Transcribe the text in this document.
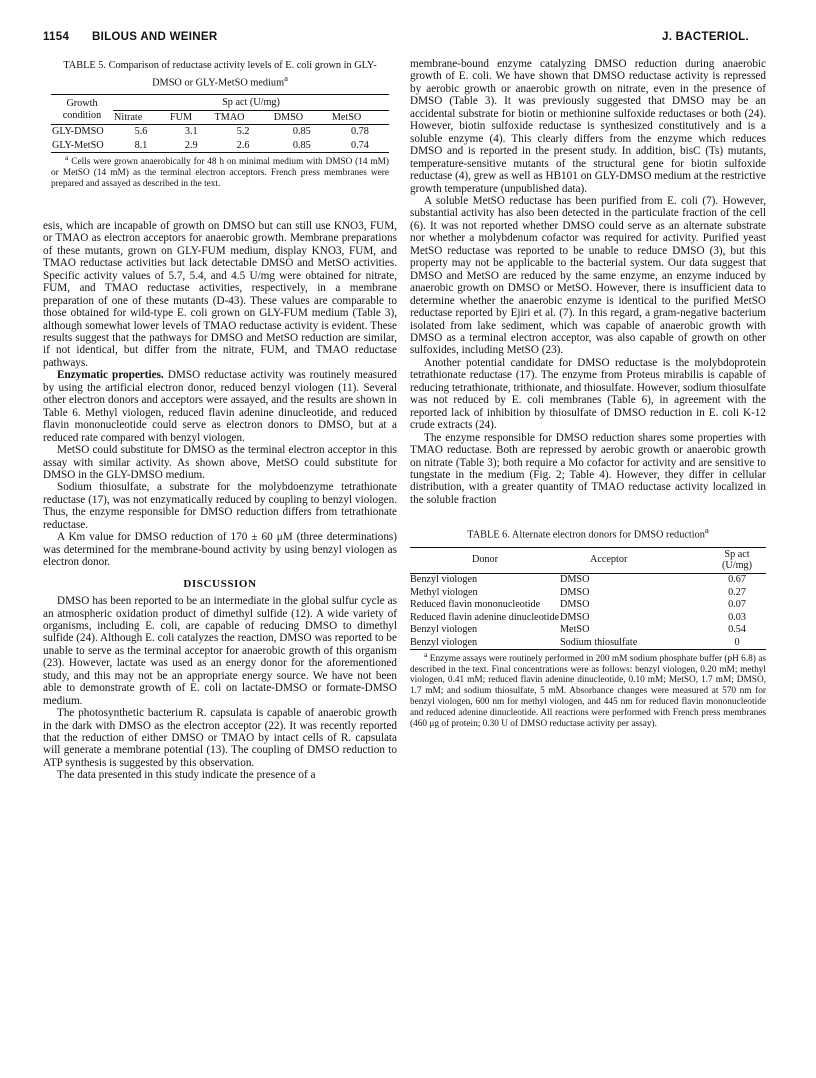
1154 BILOUS AND WEINER	J. BACTERIOL.
TABLE 5. Comparison of reductase activity levels of E. coli grown in GLY-DMSO or GLY-MetSO medium$^a$
Growth condition	Sp act (U/mg)				
	Nitrate	FUM	TMAO	DMSO	MetSO
GLY-DMSO	5.6	3.1	5.2	0.85	0.78
GLY-MetSO	8.1	2.9	2.6	0.85	0.74

$^a$ Cells were grown anaerobically for 48 h on minimal medium with DMSO (14 mM) or MetSO (14 mM) as the terminal electron acceptors. French press membranes were prepared and assayed as described in the text.

esis, which are incapable of growth on DMSO but can still use KNO3, FUM, or TMAO as electron acceptors for anaerobic growth. Membrane preparations of these mutants, grown on GLY-FUM medium, display KNO3, FUM, and TMAO reductase activities but lack detectable DMSO and MetSO activities. Specific activity values of 5.7, 5.4, and 4.5 U/mg were obtained for nitrate, FUM, and TMAO reductase activities, respectively, in a membrane preparation of one of these mutants (D-43). These values are comparable to those obtained for wild-type E. coli grown on GLY-FUM medium (Table 3), although somewhat lower levels of TMAO reductase activity is evident. These results suggest that the pathways for DMSO and MetSO reduction are similar, if not identical, but differ from the nitrate, FUM, and TMAO reductase pathways.

Enzymatic properties. DMSO reductase activity was routinely measured by using the artificial electron donor, reduced benzyl viologen (11). Several other electron donors and acceptors were assayed, and the results are shown in Table 6. Methyl viologen, reduced flavin adenine dinucleotide, and reduced flavin mononucleotide could serve as electron donors to DMSO, but at a reduced rate compared with benzyl viologen.

MetSO could substitute for DMSO as the terminal electron acceptor in this assay with similar activity. As shown above, MetSO could substitute for DMSO in the GLY-DMSO medium.

Sodium thiosulfate, a substrate for the molybdoenzyme tetrathionate reductase (17), was not enzymatically reduced by coupling to benzyl viologen. Thus, the enzyme responsible for DMSO reduction differs from tetrathionate reductase.

A Km value for DMSO reduction of 170 ± 60 μM (three determinations) was determined for the membrane-bound activity by using benzyl viologen as electron donor.

DISCUSSION

DMSO has been reported to be an intermediate in the global sulfur cycle as an atmospheric oxidation product of dimethyl sulfide (12). A wide variety of organisms, including E. coli, are capable of reducing DMSO to dimethyl sulfide (24). Although E. coli catalyzes the reaction, DMSO was reported to be unable to serve as the terminal acceptor for anaerobic growth of this organism (23). However, lactate was used as an energy donor for the aforementioned study, and this may not be an appropriate energy source. We have not been able to demonstrate growth of E. coli on lactate-DMSO or formate-DMSO medium.

The photosynthetic bacterium R. capsulata is capable of anaerobic growth in the dark with DMSO as the electron acceptor (22). It was recently reported that the reduction of either DMSO or TMAO by intact cells of R. capsulata will generate a membrane potential (13). The coupling of DMSO reduction to ATP synthesis is suggested by this observation.

The data presented in this study indicate the presence of a

membrane-bound enzyme catalyzing DMSO reduction during anaerobic growth of E. coli. We have shown that DMSO reductase activity is repressed by aerobic growth or anaerobic growth on nitrate, even in the presence of DMSO (Table 3). It was previously suggested that DMSO may be an accidental substrate for biotin or methionine sulfoxide reductases or both (24). However, biotin sulfoxide reductase is synthesized constitutively and is a soluble enzyme (4). This clearly differs from the enzyme which reduces DMSO and is reported in the present study. In addition, bisC (Ts) mutants, temperature-sensitive mutants of the structural gene for biotin sulfoxide reductase (4), grew as well as HB101 on GLY-DMSO medium at the restrictive growth temperature (unpublished data).

A soluble MetSO reductase has been purified from E. coli (7). However, substantial activity has also been detected in the particulate fraction of the cell (6). It was not reported whether DMSO could serve as an alternate substrate nor whether a molybdenum cofactor was required for activity. Purified yeast MetSO reductase was reported to be unable to reduce DMSO (3), but this property may not be applicable to the bacterial system. Our data suggest that DMSO and MetSO are reduced by the same enzyme, an enzyme induced by anaerobic growth on DMSO or MetSO. However, there is insufficient data to determine whether the anaerobic enzyme is identical to the purified MetSO reductase reported by Ejiri et al. (7). In this regard, a gram-negative bacterium isolated from lake sediment, which was capable of anaerobic growth with DMSO as a terminal electron acceptor, was also capable of growth on other sulfoxides, including MetSO (23).

Another potential candidate for DMSO reductase is the molybdoprotein tetrathionate reductase (17). The enzyme from Proteus mirabilis is capable of reducing tetrathionate, trithionate, and thiosulfate. However, sodium thiosulfate was not reduced by E. coli membranes (Table 6), in agreement with the reported lack of inhibition by thiosulfate of DMSO reduction in E. coli K-12 crude extracts (24).

The enzyme responsible for DMSO reduction shares some properties with TMAO reductase. Both are repressed by aerobic growth or anaerobic growth on nitrate (Table 3); both require a Mo cofactor for activity and are sensitive to tungstate in the medium (Fig. 2; Table 4). However, they differ in cellular distribution, with a greater quantity of TMAO reductase activity localized in the soluble fraction

TABLE 6. Alternate electron donors for DMSO reduction$^a$
Donor	Acceptor	Sp act (U/mg)
Benzyl viologen	DMSO	0.67
Methyl viologen	DMSO	0.27
Reduced flavin mononucleotide	DMSO	0.07
Reduced flavin adenine dinucleotide	DMSO	0.03
Benzyl viologen	MetSO	0.54
Benzyl viologen	Sodium thiosulfate	0

$^a$ Enzyme assays were routinely performed in 200 mM sodium phosphate buffer (pH 6.8) as described in the text. Final concentrations were as follows: benzyl viologen, 0.20 mM; methyl viologen, 0.41 mM; reduced flavin adenine dinucleotide, 0.10 mM; MetSO, 1.7 mM; DMSO, 1.7 mM; and sodium thiosulfate, 5 mM. Absorbance changes were measured at 570 nm for benzyl viologen, 600 nm for methyl viologen, and 445 nm for reduced flavin mononucleotide and reduced adenine dinucleotide. All reactions were performed with French press membranes (460 μg of protein; 0.30 U of DMSO reductase activity per assay).
